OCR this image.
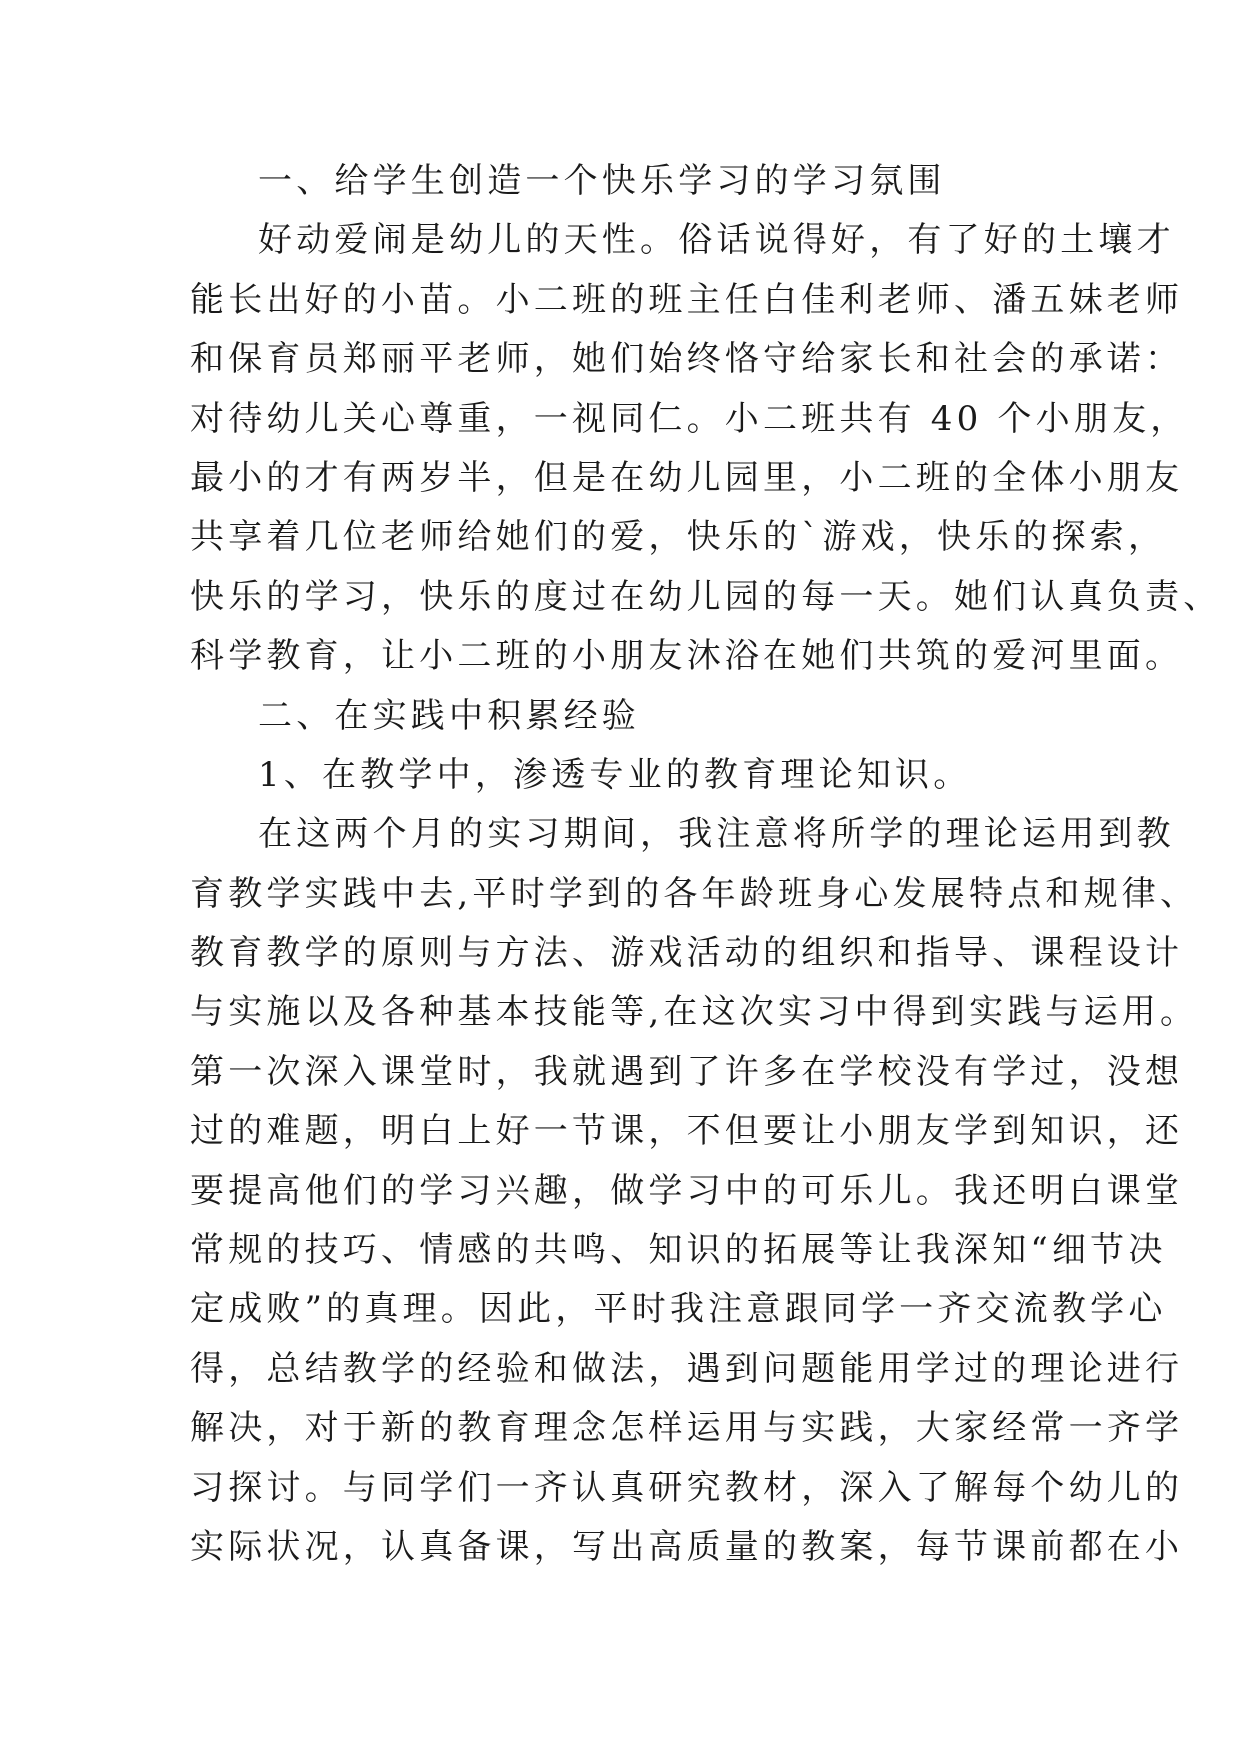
一、给学生创造一个快乐学习的学习氛围
好动爱闹是幼儿的天性。俗话说得好，有了好的土壤才
能长出好的小苗。小二班的班主任白佳利老师、潘五妹老师
和保育员郑丽平老师，她们始终恪守给家长和社会的承诺：
对待幼儿关心尊重，一视同仁。小二班共有 40 个小朋友，
最小的才有两岁半，但是在幼儿园里，小二班的全体小朋友
共享着几位老师给她们的爱，快乐的`游戏，快乐的探索，
快乐的学习，快乐的度过在幼儿园的每一天。她们认真负责、
科学教育，让小二班的小朋友沐浴在她们共筑的爱河里面。
二、在实践中积累经验
1、在教学中，渗透专业的教育理论知识。
在这两个月的实习期间，我注意将所学的理论运用到教
育教学实践中去,平时学到的各年龄班身心发展特点和规律、
教育教学的原则与方法、游戏活动的组织和指导、课程设计
与实施以及各种基本技能等,在这次实习中得到实践与运用。
第一次深入课堂时，我就遇到了许多在学校没有学过，没想
过的难题，明白上好一节课，不但要让小朋友学到知识，还
要提高他们的学习兴趣，做学习中的可乐儿。我还明白课堂
常规的技巧、情感的共鸣、知识的拓展等让我深知“细节决
定成败”的真理。因此，平时我注意跟同学一齐交流教学心
得，总结教学的经验和做法，遇到问题能用学过的理论进行
解决，对于新的教育理念怎样运用与实践，大家经常一齐学
习探讨。与同学们一齐认真研究教材，深入了解每个幼儿的
实际状况，认真备课，写出高质量的教案，每节课前都在小
